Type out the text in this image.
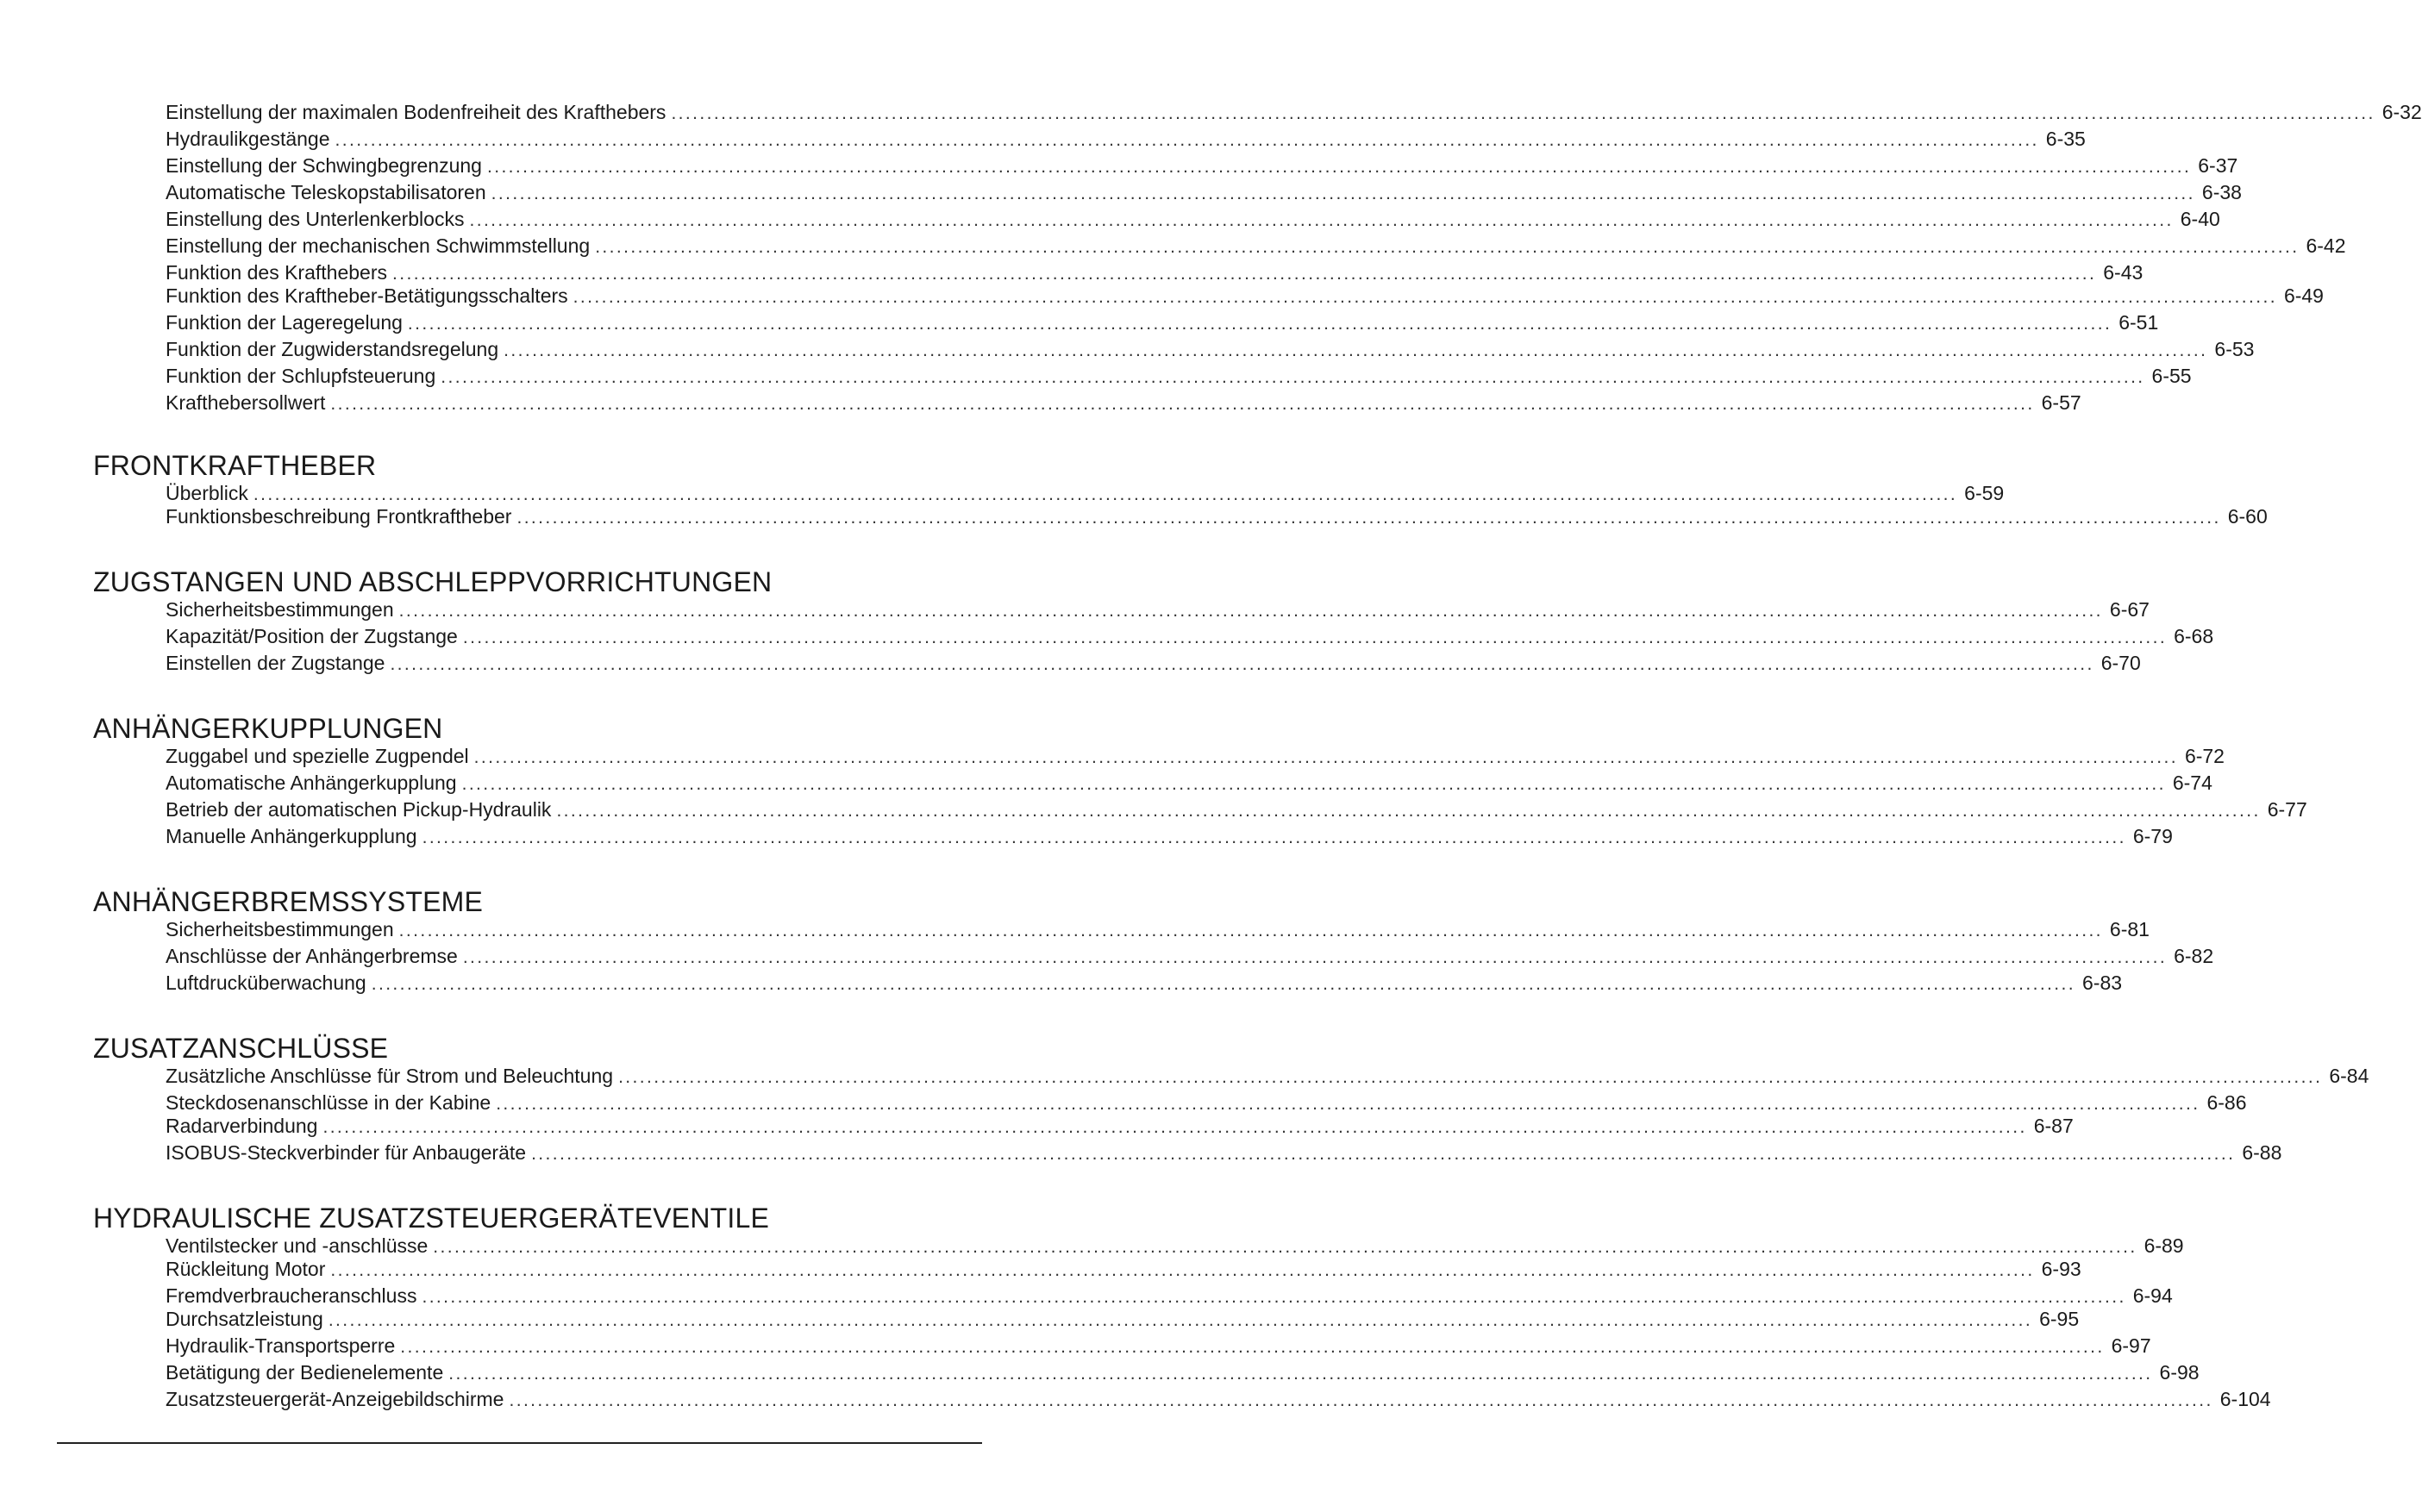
Einstellung der maximalen Bodenfreiheit des Krafthebers ................................................................................................................................................................................................................................................ 6-32
Hydraulikgestänge ................................................................................................................................................................................................................................................ 6-35
Einstellung der Schwingbegrenzung ................................................................................................................................................................................................................................................ 6-37
Automatische Teleskopstabilisatoren ................................................................................................................................................................................................................................................ 6-38
Einstellung des Unterlenkerblocks ................................................................................................................................................................................................................................................ 6-40
Einstellung der mechanischen Schwimmstellung ................................................................................................................................................................................................................................................ 6-42
Funktion des Krafthebers ................................................................................................................................................................................................................................................ 6-43
Funktion des Kraftheber-Betätigungsschalters ................................................................................................................................................................................................................................................ 6-49
Funktion der Lageregelung ................................................................................................................................................................................................................................................ 6-51
Funktion der Zugwiderstandsregelung ................................................................................................................................................................................................................................................ 6-53
Funktion der Schlupfsteuerung ................................................................................................................................................................................................................................................ 6-55
Krafthebersollwert ................................................................................................................................................................................................................................................ 6-57
FRONTKRAFTHEBER
Überblick ................................................................................................................................................................................................................................................ 6-59
Funktionsbeschreibung Frontkraftheber ................................................................................................................................................................................................................................................ 6-60
ZUGSTANGEN UND ABSCHLEPPVORRICHTUNGEN
Sicherheitsbestimmungen ................................................................................................................................................................................................................................................ 6-67
Kapazität/Position der Zugstange ................................................................................................................................................................................................................................................ 6-68
Einstellen der Zugstange ................................................................................................................................................................................................................................................ 6-70
ANHÄNGERKUPPLUNGEN
Zuggabel und spezielle Zugpendel ................................................................................................................................................................................................................................................ 6-72
Automatische Anhängerkupplung ................................................................................................................................................................................................................................................ 6-74
Betrieb der automatischen Pickup-Hydraulik ................................................................................................................................................................................................................................................ 6-77
Manuelle Anhängerkupplung ................................................................................................................................................................................................................................................ 6-79
ANHÄNGERBREMSSYSTEME
Sicherheitsbestimmungen ................................................................................................................................................................................................................................................ 6-81
Anschlüsse der Anhängerbremse ................................................................................................................................................................................................................................................ 6-82
Luftdrucküberwachung ................................................................................................................................................................................................................................................ 6-83
ZUSATZANSCHLÜSSE
Zusätzliche Anschlüsse für Strom und Beleuchtung ................................................................................................................................................................................................................................................ 6-84
Steckdosenanschlüsse in der Kabine ................................................................................................................................................................................................................................................ 6-86
Radarverbindung ................................................................................................................................................................................................................................................ 6-87
ISOBUS-Steckverbinder für Anbaugeräte ................................................................................................................................................................................................................................................ 6-88
HYDRAULISCHE ZUSATZSTEUERGERÄTEVENTILE
Ventilstecker und -anschlüsse ................................................................................................................................................................................................................................................ 6-89
Rückleitung Motor ................................................................................................................................................................................................................................................ 6-93
Fremdverbraucheranschluss ................................................................................................................................................................................................................................................ 6-94
Durchsatzleistung ................................................................................................................................................................................................................................................ 6-95
Hydraulik-Transportsperre ................................................................................................................................................................................................................................................ 6-97
Betätigung der Bedienelemente ................................................................................................................................................................................................................................................ 6-98
Zusatzsteuergerät-Anzeigebildschirme ................................................................................................................................................................................................................................................ 6-104
